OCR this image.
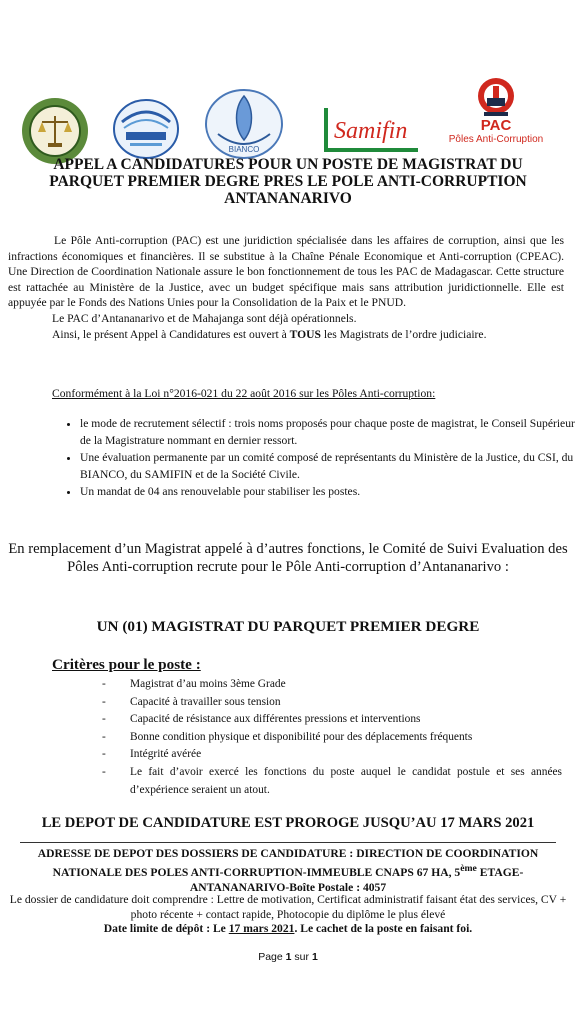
BIANCO
Samifin	PAC
Pôles Anti-Corruption
APPEL A CANDIDATURES POUR UN POSTE DE MAGISTRAT DU PARQUET PREMIER DEGRE PRES LE POLE ANTI-CORRUPTION ANTANANARIVO

Le Pôle Anti-corruption (PAC) est une juridiction spécialisée dans les affaires de corruption, ainsi que les infractions économiques et financières. Il se substitue à la Chaîne Pénale Economique et Anti-corruption (CPEAC). Une Direction de Coordination Nationale assure le bon fonctionnement de tous les PAC de Madagascar. Cette structure est rattachée au Ministère de la Justice, avec un budget spécifique mais sans attribution juridictionnelle. Elle est appuyée par le Fonds des Nations Unies pour la Consolidation de la Paix et le PNUD.

Le PAC d’Antananarivo et de Mahajanga sont déjà opérationnels.

Ainsi, le présent Appel à Candidatures est ouvert à TOUS les Magistrats de l’ordre judiciaire.

Conformément à la Loi n°2016-021 du 22 août 2016 sur les Pôles Anti-corruption:
• le mode de recrutement sélectif : trois noms proposés pour chaque poste de magistrat, le Conseil Supérieur de la Magistrature nommant en dernier ressort.
• Une évaluation permanente par un comité composé de représentants du Ministère de la Justice, du CSI, du BIANCO, du SAMIFIN et de la Société Civile.
• Un mandat de 04 ans renouvelable pour stabiliser les postes.
En remplacement d’un Magistrat appelé à d’autres fonctions, le Comité de Suivi Evaluation des Pôles Anti-corruption recrute pour le Pôle Anti-corruption d’Antananarivo :
UN (01) MAGISTRAT DU PARQUET PREMIER DEGRE
Critères pour le poste :
- Magistrat d’au moins 3ème Grade
- Capacité à travailler sous tension
- Capacité de résistance aux différentes pressions et interventions
- Bonne condition physique et disponibilité pour des déplacements fréquents
- Intégrité avérée
- Le fait d’avoir exercé les fonctions du poste auquel le candidat postule et ses années d’expérience seraient un atout.
LE DEPOT DE CANDIDATURE EST PROROGE JUSQU’AU 17 MARS 2021
ADRESSE DE DEPOT DES DOSSIERS DE CANDIDATURE : DIRECTION DE COORDINATION NATIONALE DES POLES ANTI-CORRUPTION-IMMEUBLE CNAPS 67 HA, 5ème ETAGE-ANTANANARIVO-Boîte Postale : 4057
Le dossier de candidature doit comprendre : Lettre de motivation, Certificat administratif faisant état des services, CV + photo récente + contact rapide, Photocopie du diplôme le plus élevé
Date limite de dépôt : Le 17 mars 2021. Le cachet de la poste en faisant foi.
Page 1 sur 1
